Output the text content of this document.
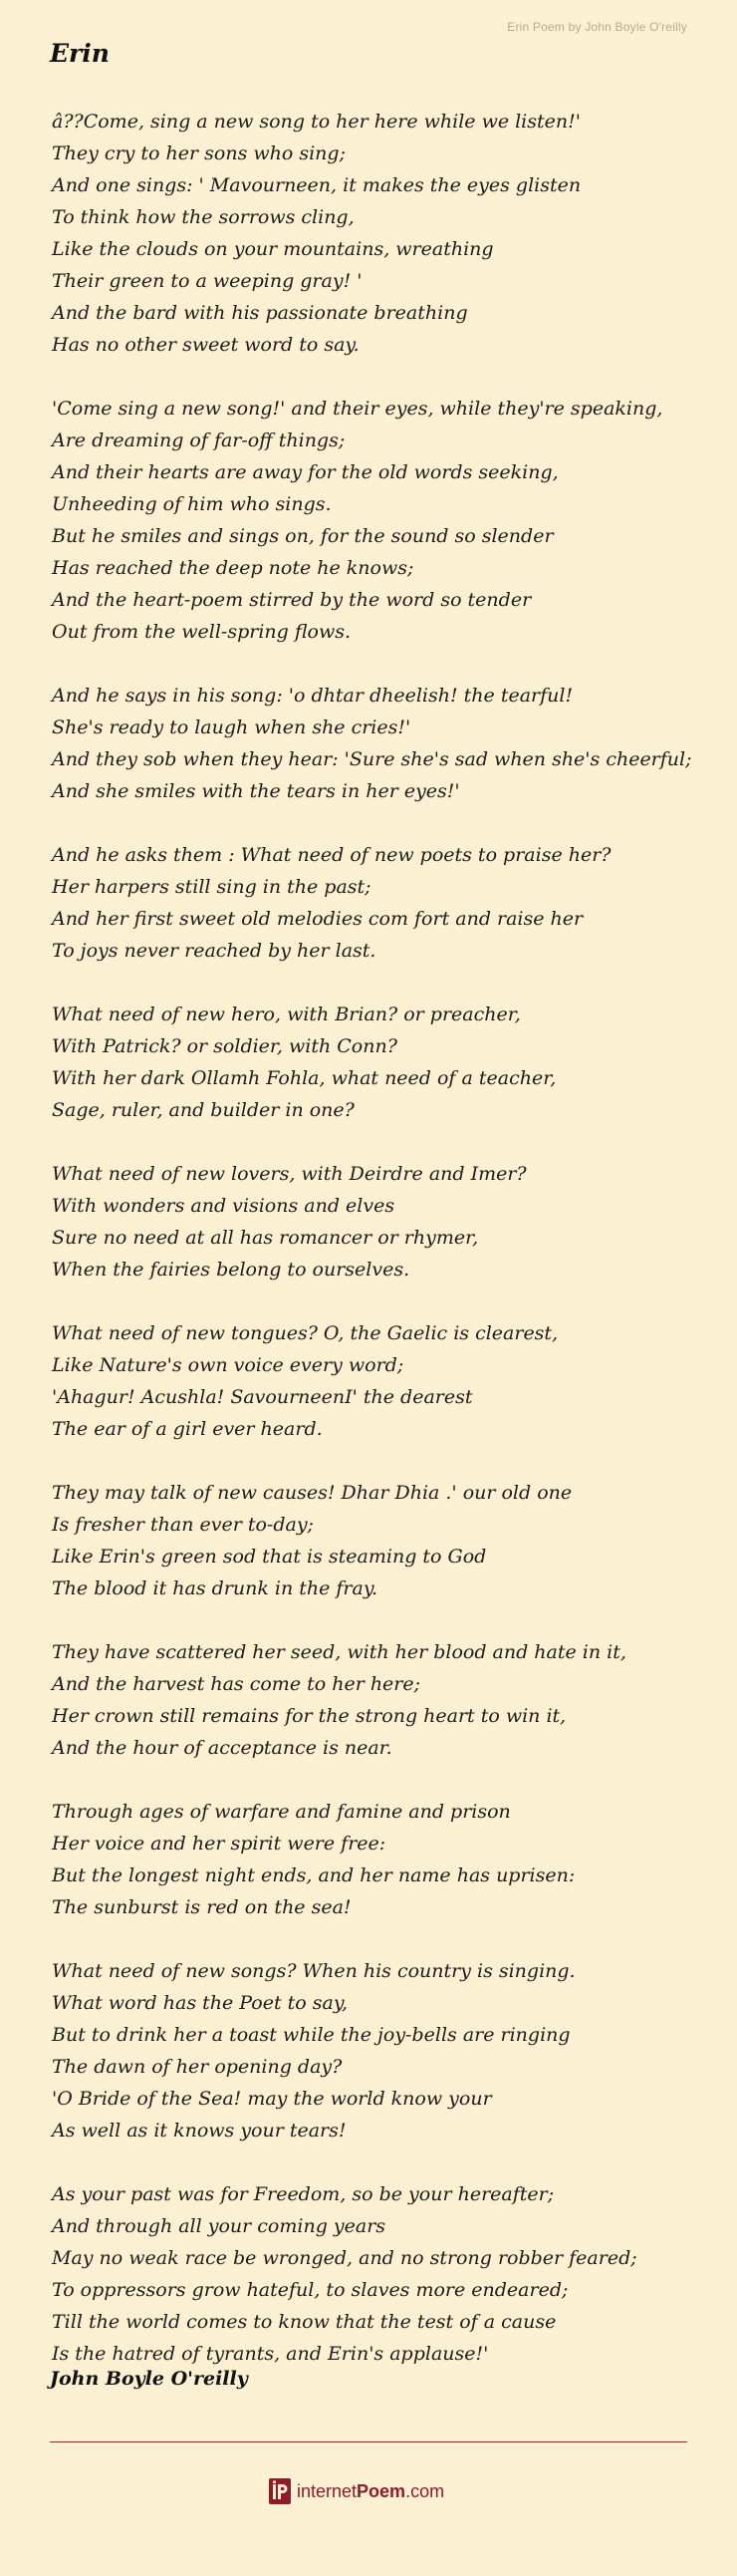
Erin Poem by John Boyle O'reilly
Erin
â??Come, sing a new song to her here while we listen!'
They cry to her sons who sing;
And one sings: ' Mavourneen, it makes the eyes glisten
To think how the sorrows cling,
Like the clouds on your mountains, wreathing
Their green to a weeping gray! '
And the bard with his passionate breathing
Has no other sweet word to say.
'Come sing a new song!' and their eyes, while they're speaking,
Are dreaming of far-off things;
And their hearts are away for the old words seeking,
Unheeding of him who sings.
But he smiles and sings on, for the sound so slender
Has reached the deep note he knows;
And the heart-poem stirred by the word so tender
Out from the well-spring flows.
And he says in his song: 'o dhtar dheelish! the tearful!
She's ready to laugh when she cries!'
And they sob when they hear: 'Sure she's sad when she's cheerful;
And she smiles with the tears in her eyes!'
And he asks them : What need of new poets to praise her?
Her harpers still sing in the past;
And her first sweet old melodies com fort and raise her
To joys never reached by her last.
What need of new hero, with Brian? or preacher,
With Patrick? or soldier, with Conn?
With her dark Ollamh Fohla, what need of a teacher,
Sage, ruler, and builder in one?
What need of new lovers, with Deirdre and Imer?
With wonders and visions and elves
Sure no need at all has romancer or rhymer,
When the fairies belong to ourselves.
What need of new tongues? O, the Gaelic is clearest,
Like Nature's own voice every word;
'Ahagur! Acushla! SavourneenI' the dearest
The ear of a girl ever heard.
They may talk of new causes! Dhar Dhia .' our old one
Is fresher than ever to-day;
Like Erin's green sod that is steaming to God
The blood it has drunk in the fray.
They have scattered her seed, with her blood and hate in it,
And the harvest has come to her here;
Her crown still remains for the strong heart to win it,
And the hour of acceptance is near.
Through ages of warfare and famine and prison
Her voice and her spirit were free:
But the longest night ends, and her name has uprisen:
The sunburst is red on the sea!
What need of new songs? When his country is singing.
What word has the Poet to say,
But to drink her a toast while the joy-bells are ringing
The dawn of her opening day?
'O Bride of the Sea! may the world know your
As well as it knows your tears!
As your past was for Freedom, so be your hereafter;
And through all your coming years
May no weak race be wronged, and no strong robber feared;
To oppressors grow hateful, to slaves more endeared;
Till the world comes to know that the test of a cause
Is the hatred of tyrants, and Erin's applause!'
John Boyle O'reilly
internet Poem .com
